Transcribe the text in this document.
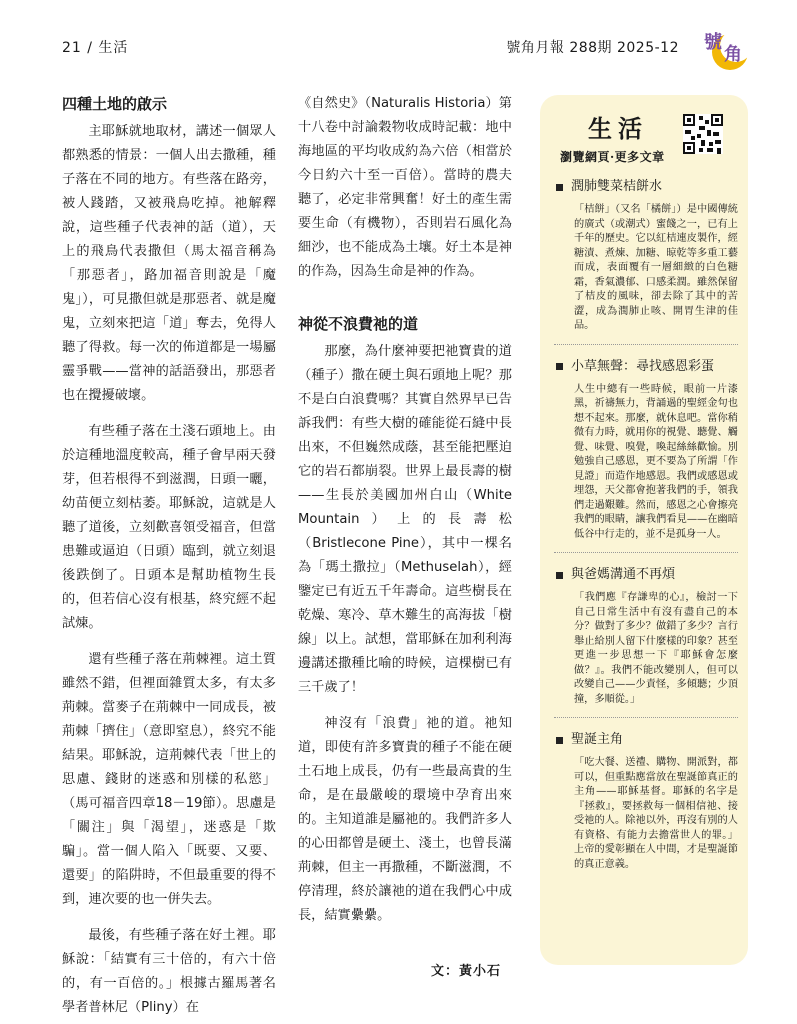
21 / 生活	號角月報 288期 2025-12 號
角
四種土地的啟示

主耶穌就地取材，講述一個眾人都熟悉的情景：一個人出去撒種，種子落在不同的地方。有些落在路旁，被人踐踏，又被飛鳥吃掉。祂解釋說，這些種子代表神的話（道），天上的飛鳥代表撒但（馬太福音稱為「那惡者」，路加福音則說是「魔鬼」），可見撒但就是那惡者、就是魔鬼，立刻來把這「道」奪去，免得人聽了得救。每一次的佈道都是一場屬靈爭戰——當神的話語發出，那惡者也在攪擾破壞。

有些種子落在土淺石頭地上。由於這種地溫度較高，種子會早兩天發芽，但若根得不到滋潤，日頭一曬，幼苗便立刻枯萎。耶穌說，這就是人聽了道後，立刻歡喜領受福音，但當患難或逼迫（日頭）臨到，就立刻退後跌倒了。日頭本是幫助植物生長的，但若信心沒有根基，終究經不起試煉。

還有些種子落在荊棘裡。這土質雖然不錯，但裡面雜質太多，有太多荊棘。當麥子在荊棘中一同成長，被荊棘「擠住」（意即窒息），終究不能結果。耶穌說，這荊棘代表「世上的思慮、錢財的迷惑和別樣的私慾」（馬可福音四章18－19節）。思慮是「關注」與「渴望」，迷惑是「欺騙」。當一個人陷入「既要、又要、還要」的陷阱時，不但最重要的得不到，連次要的也一併失去。

最後，有些種子落在好土裡。耶穌說：「結實有三十倍的，有六十倍的，有一百倍的。」根據古羅馬著名學者普林尼（Pliny）在

《自然史》（Naturalis Historia）第十八卷中討論穀物收成時記載：地中海地區的平均收成約為六倍（相當於今日約六十至一百倍）。當時的農夫聽了，必定非常興奮！好土的產生需要生命（有機物），否則岩石風化為細沙，也不能成為土壤。好土本是神的作為，因為生命是神的作為。

神從不浪費祂的道

那麼，為什麼神要把祂寶貴的道（種子）撒在硬土與石頭地上呢？那不是白白浪費嗎？其實自然界早已告訴我們：有些大樹的確能從石縫中長出來，不但巍然成蔭，甚至能把壓迫它的岩石都崩裂。世界上最長壽的樹——生長於美國加州白山（White Mountain）上的長壽松（Bristlecone Pine），其中一棵名為「瑪土撒拉」（Methuselah），經鑒定已有近五千年壽命。這些樹長在乾燥、寒冷、草木難生的高海拔「樹線」以上。試想，當耶穌在加利利海邊講述撒種比喻的時候，這棵樹已有三千歲了！

神沒有「浪費」祂的道。祂知道，即使有許多寶貴的種子不能在硬土石地上成長，仍有一些最高貴的生命，是在最嚴峻的環境中孕育出來的。主知道誰是屬祂的。我們許多人的心田都曾是硬土、淺土，也曾長滿荊棘，但主一再撒種，不斷滋潤，不停清理，終於讓祂的道在我們心中成長，結實纍纍。

文：黃小石
生活
瀏覽網頁·更多文章
潤肺雙菜桔餅水
「桔餅」（又名「橘餅」）是中國傳統的廣式（或潮式）蜜餞之一，已有上千年的歷史。它以紅桔連皮製作，經糖漬、煮煉、加糖、晾乾等多重工藝而成，表面覆有一層細緻的白色糖霜，香氣濃郁、口感柔潤。雖然保留了桔皮的風味，卻去除了其中的苦澀，成為潤肺止咳、開胃生津的佳品。
小草無聲：尋找感恩彩蛋
人生中總有一些時候，眼前一片漆黑，祈禱無力，背誦過的聖經金句也想不起來。那麼，就休息吧。當你稍微有力時，就用你的視覺、聽覺、觸覺、味覺、嗅覺，喚起絲絲歡愉。別勉強自己感恩，更不要為了所謂「作見證」而造作地感恩。我們或感恩或埋怨，天父都會抱著我們的手，領我們走過艱難。然而，感恩之心會擦亮我們的眼睛，讓我們看見——在幽暗低谷中行走的，並不是孤身一人。
與爸媽溝通不再煩
「我們應『存謙卑的心』，檢討一下自己日常生活中有沒有盡自己的本分？做對了多少？做錯了多少？言行舉止給別人留下什麼樣的印象？甚至更進一步思想一下『耶穌會怎麼做？』。我們不能改變別人，但可以改變自己——少責怪，多傾聽；少頂撞，多順從。」
聖誕主角
「吃大餐、送禮、購物、開派對，都可以，但重點應當放在聖誕節真正的主角——耶穌基督。耶穌的名字是『拯救』，要拯救每一個相信祂、接受祂的人。除祂以外，再沒有別的人有資格、有能力去擔當世人的罪。」上帝的愛彰顯在人中間，才是聖誕節的真正意義。
